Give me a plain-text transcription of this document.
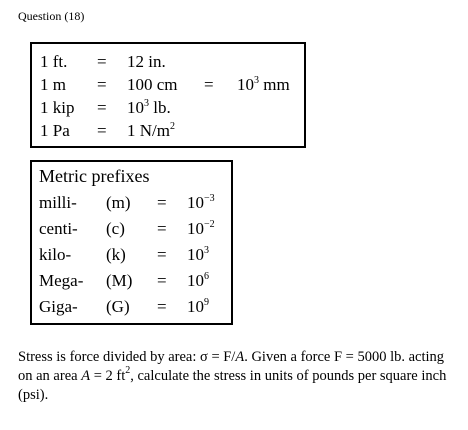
Question (18)
1 ft. = 12 in.
1 m = 100 cm = $10^3$ mm
1 kip = $10^3$ lb.
1 Pa = 1 $N/m^2$
Metric prefixes
milli- $(m) = 10^{-3}$
centi- $(c) = 10^{-2}$
kilo- $(k) = 10^3$
Mega- $(M) = 10^6$
Giga- $(G) = 10^9$
Stress is force divided by area: σ = F/A. Given a force F = 5000 lb. acting on an area A = 2 $ft^2$, calculate the stress in units of pounds per square inch (psi).
